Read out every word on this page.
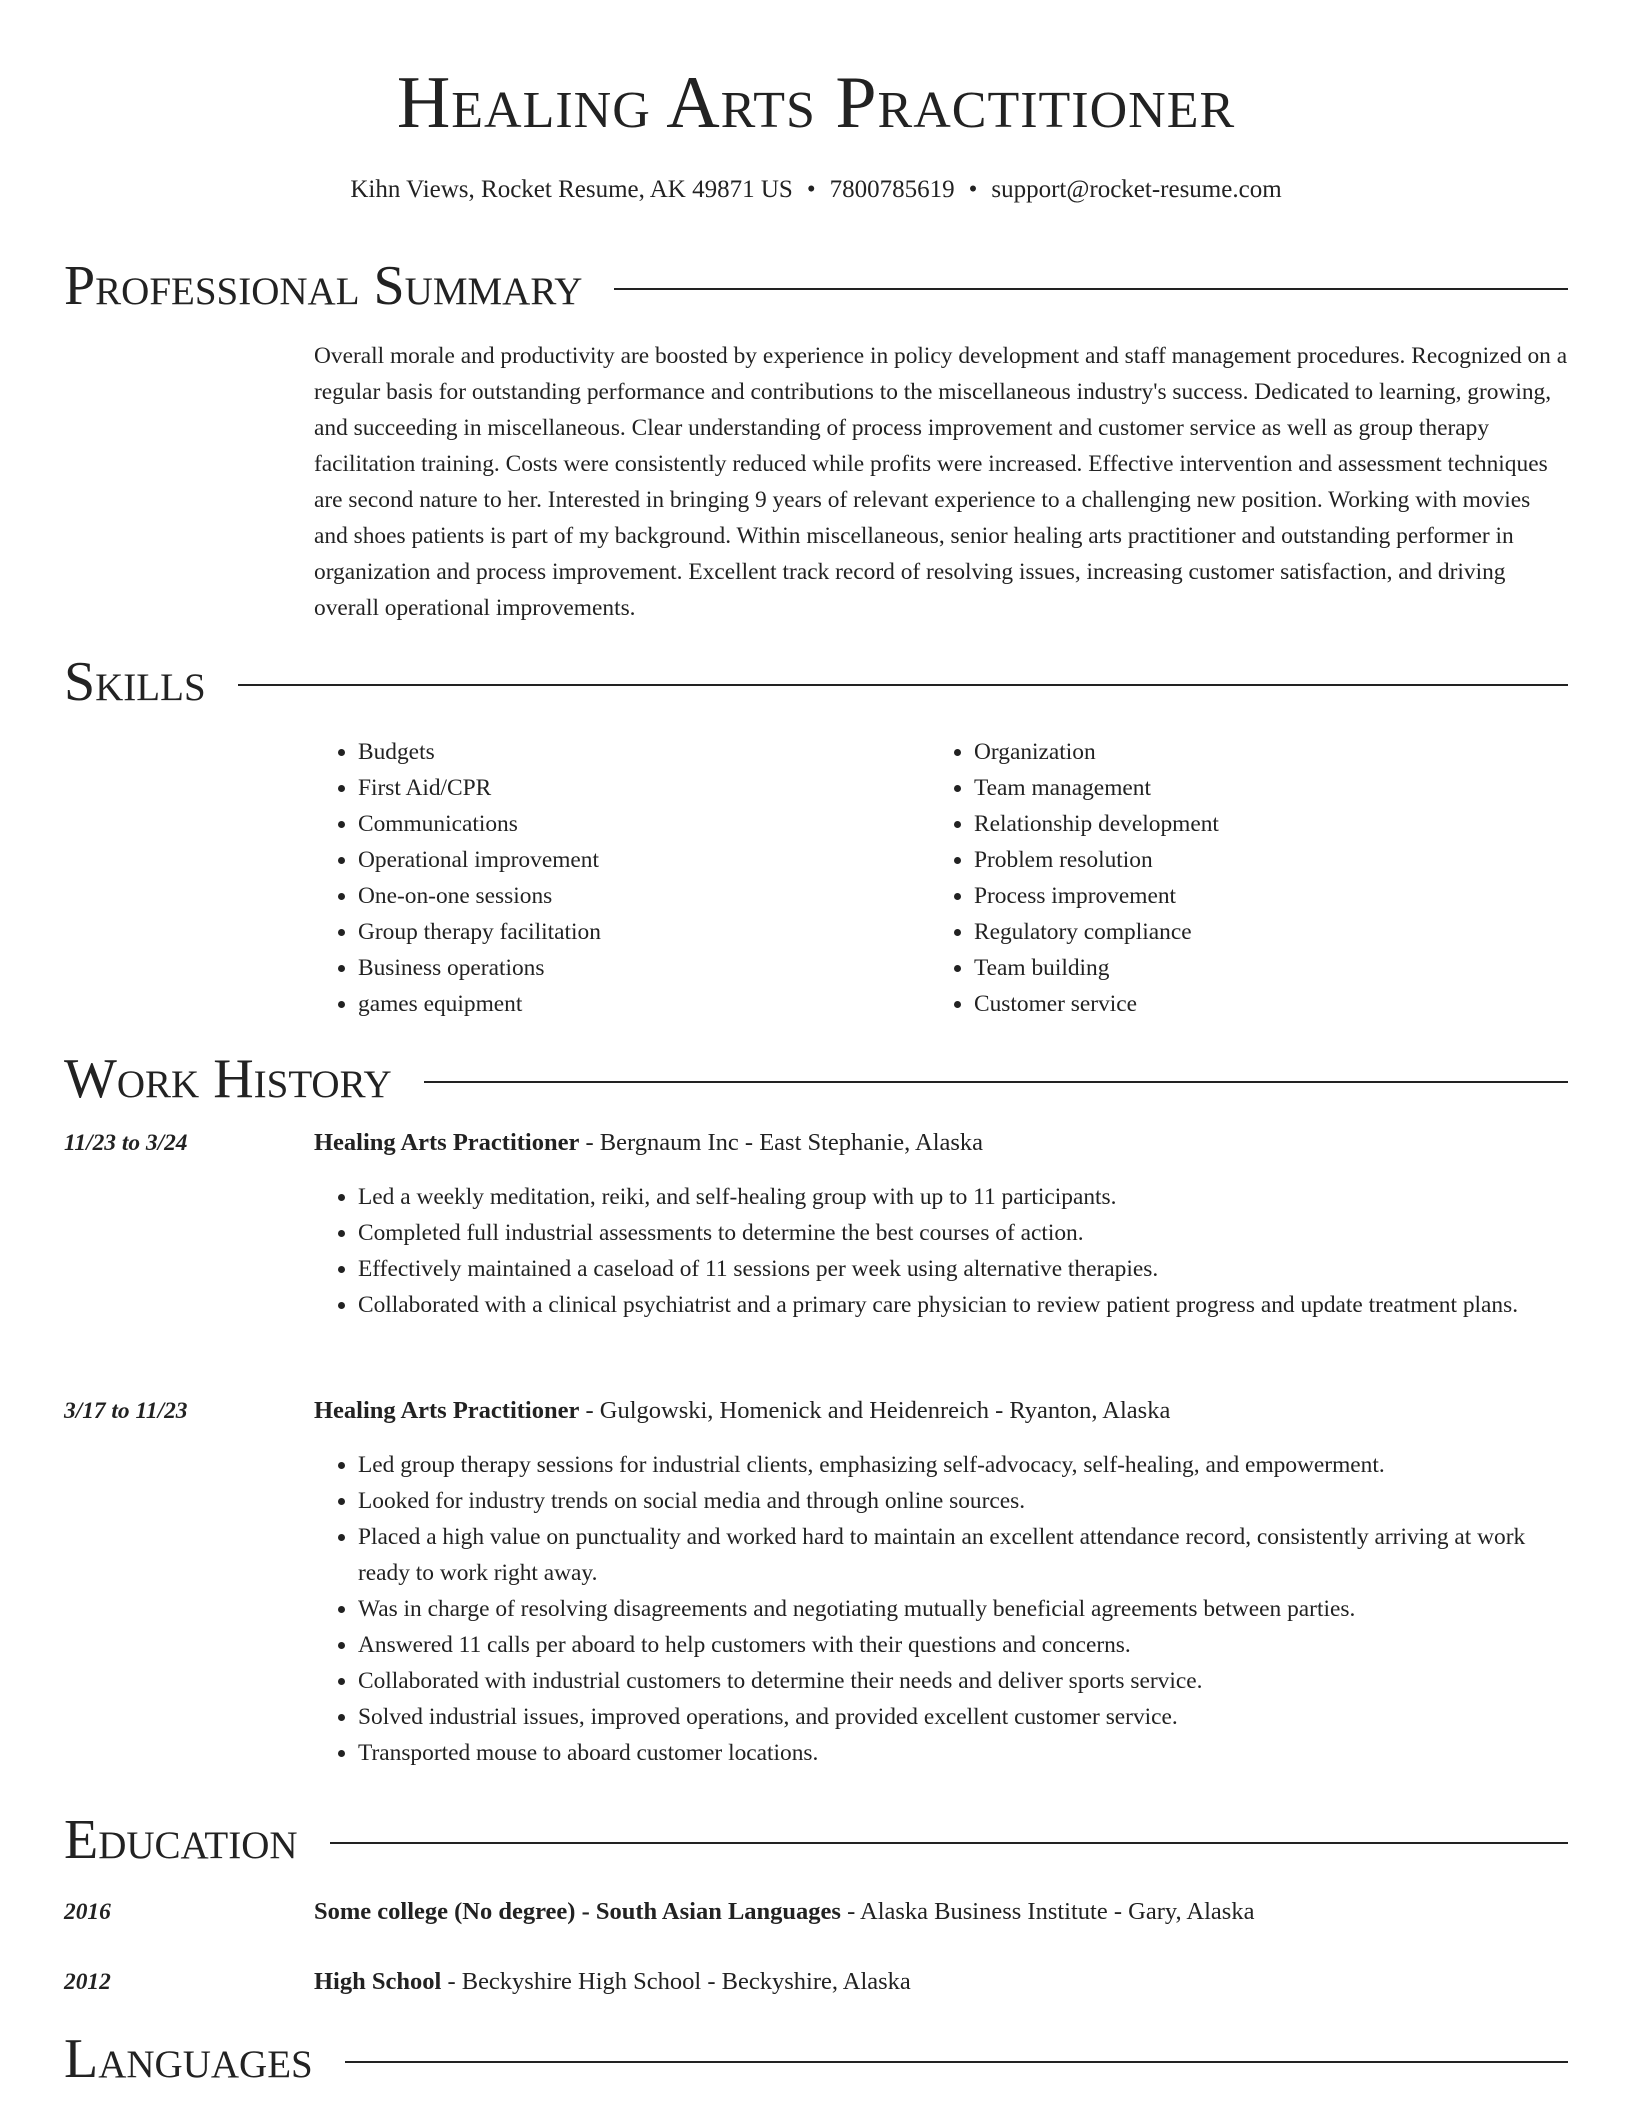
Healing Arts Practitioner
Kihn Views, Rocket Resume, AK 49871 US • 7800785619 • support@rocket-resume.com
Professional Summary

Overall morale and productivity are boosted by experience in policy development and staff management procedures. Recognized on a regular basis for outstanding performance and contributions to the miscellaneous industry's success. Dedicated to learning, growing, and succeeding in miscellaneous. Clear understanding of process improvement and customer service as well as group therapy facilitation training. Costs were consistently reduced while profits were increased. Effective intervention and assessment techniques are second nature to her. Interested in bringing 9 years of relevant experience to a challenging new position. Working with movies and shoes patients is part of my background. Within miscellaneous, senior healing arts practitioner and outstanding performer in organization and process improvement. Excellent track record of resolving issues, increasing customer satisfaction, and driving overall operational improvements.

Skills
• Budgets
• First Aid/CPR
• Communications
• Operational improvement
• One-on-one sessions
• Group therapy facilitation
• Business operations
• games equipment
• Organization
• Team management
• Relationship development
• Problem resolution
• Process improvement
• Regulatory compliance
• Team building
• Customer service
Work History
11/23 to 3/24	Healing Arts Practitioner - Bergnaum Inc - East Stephanie, Alaska
• Led a weekly meditation, reiki, and self-healing group with up to 11 participants.
• Completed full industrial assessments to determine the best courses of action.
• Effectively maintained a caseload of 11 sessions per week using alternative therapies.
• Collaborated with a clinical psychiatrist and a primary care physician to review patient progress and update treatment plans.
3/17 to 11/23	Healing Arts Practitioner - Gulgowski, Homenick and Heidenreich - Ryanton, Alaska
• Led group therapy sessions for industrial clients, emphasizing self-advocacy, self-healing, and empowerment.
• Looked for industry trends on social media and through online sources.
• Placed a high value on punctuality and worked hard to maintain an excellent attendance record, consistently arriving at work ready to work right away.
• Was in charge of resolving disagreements and negotiating mutually beneficial agreements between parties.
• Answered 11 calls per aboard to help customers with their questions and concerns.
• Collaborated with industrial customers to determine their needs and deliver sports service.
• Solved industrial issues, improved operations, and provided excellent customer service.
• Transported mouse to aboard customer locations.
Education
2016	Some college (No degree) - South Asian Languages - Alaska Business Institute - Gary, Alaska
2012	High School - Beckyshire High School - Beckyshire, Alaska
Languages
